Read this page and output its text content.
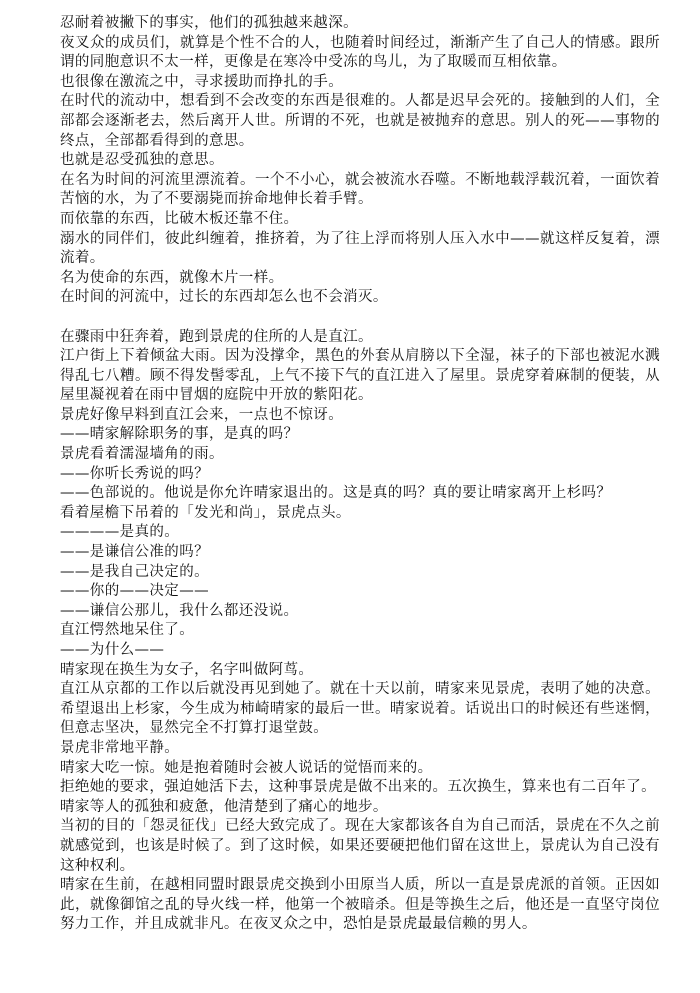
忍耐着被撇下的事实，他们的孤独越来越深。

夜叉众的成员们，就算是个性不合的人，也随着时间经过，渐渐产生了自己人的情感。跟所谓的同胞意识不太一样，更像是在寒冷中受冻的鸟儿，为了取暖而互相依靠。

也很像在激流之中，寻求援助而挣扎的手。

在时代的流动中，想看到不会改变的东西是很难的。人都是迟早会死的。接触到的人们，全部都会逐渐老去，然后离开人世。所谓的不死，也就是被抛弃的意思。别人的死——事物的终点，全部都看得到的意思。

也就是忍受孤独的意思。

在名为时间的河流里漂流着。一个不小心，就会被流水吞噬。不断地载浮载沉着，一面饮着苦恼的水，为了不要溺毙而拚命地伸长着手臂。

而依靠的东西，比破木板还靠不住。

溺水的同伴们，彼此纠缠着，推挤着，为了往上浮而将别人压入水中——就这样反复着，漂流着。

名为使命的东西，就像木片一样。

在时间的河流中，过长的东西却怎么也不会消灭。

在骤雨中狂奔着，跑到景虎的住所的人是直江。

江户街上下着倾盆大雨。因为没撑伞，黑色的外套从肩膀以下全湿，袜子的下部也被泥水溅得乱七八糟。顾不得发髻零乱，上气不接下气的直江进入了屋里。景虎穿着麻制的便装，从屋里凝视着在雨中冒烟的庭院中开放的紫阳花。

景虎好像早料到直江会来，一点也不惊讶。

——晴家解除职务的事，是真的吗？

景虎看着濡湿墙角的雨。

——你听长秀说的吗？

——色部说的。他说是你允许晴家退出的。这是真的吗？真的要让晴家离开上杉吗？

看着屋檐下吊着的「发光和尚」，景虎点头。

————是真的。

——是谦信公准的吗？

——是我自己决定的。

——你的——决定——

——谦信公那儿，我什么都还没说。

直江愕然地呆住了。

——为什么——

晴家现在换生为女子，名字叫做阿茑。

直江从京都的工作以后就没再见到她了。就在十天以前，晴家来见景虎，表明了她的决意。希望退出上杉家，今生成为柿崎晴家的最后一世。晴家说着。话说出口的时候还有些迷惘，但意志坚决，显然完全不打算打退堂鼓。

景虎非常地平静。

晴家大吃一惊。她是抱着随时会被人说话的觉悟而来的。

拒绝她的要求，强迫她活下去，这种事景虎是做不出来的。五次换生，算来也有二百年了。

晴家等人的孤独和疲惫，他清楚到了痛心的地步。

当初的目的「怨灵征伐」已经大致完成了。现在大家都该各自为自己而活，景虎在不久之前就感觉到，也该是时候了。到了这时候，如果还要硬把他们留在这世上，景虎认为自己没有这种权利。

晴家在生前，在越相同盟时跟景虎交换到小田原当人质，所以一直是景虎派的首领。正因如此，就像御馆之乱的导火线一样，他第一个被暗杀。但是等换生之后，他还是一直坚守岗位努力工作，并且成就非凡。在夜叉众之中，恐怕是景虎最最信赖的男人。
